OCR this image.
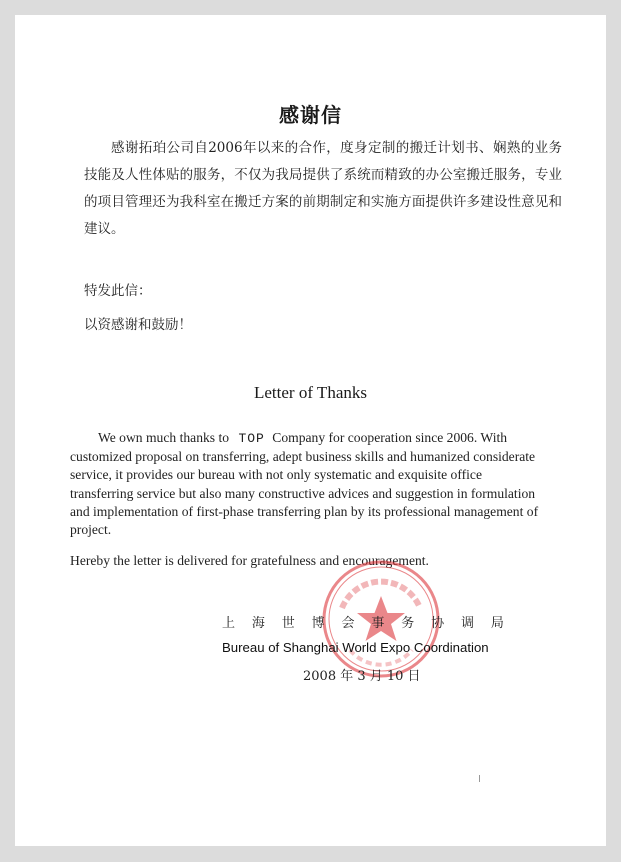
感谢信

感谢拓珀公司自2006年以来的合作，度身定制的搬迁计划书、娴熟的业务技能及人性体贴的服务，不仅为我局提供了系统而精致的办公室搬迁服务，专业的项目管理还为我科室在搬迁方案的前期制定和实施方面提供许多建设性意见和建议。

特发此信：
以资感谢和鼓励！
Letter of Thanks

We own much thanks to TOP Company for cooperation since 2006. With customized proposal on transferring, adept business skills and humanized considerate service, it provides our bureau with not only systematic and exquisite office transferring service but also many constructive advices and suggestion in formulation and implementation of first-phase transferring plan by its professional management of project.

Hereby the letter is delivered for gratefulness and encouragement.
上 海 世 博 会 事 务 协 调 局
Bureau of Shanghai World Expo Coordination
2008 年 3 月 10 日
